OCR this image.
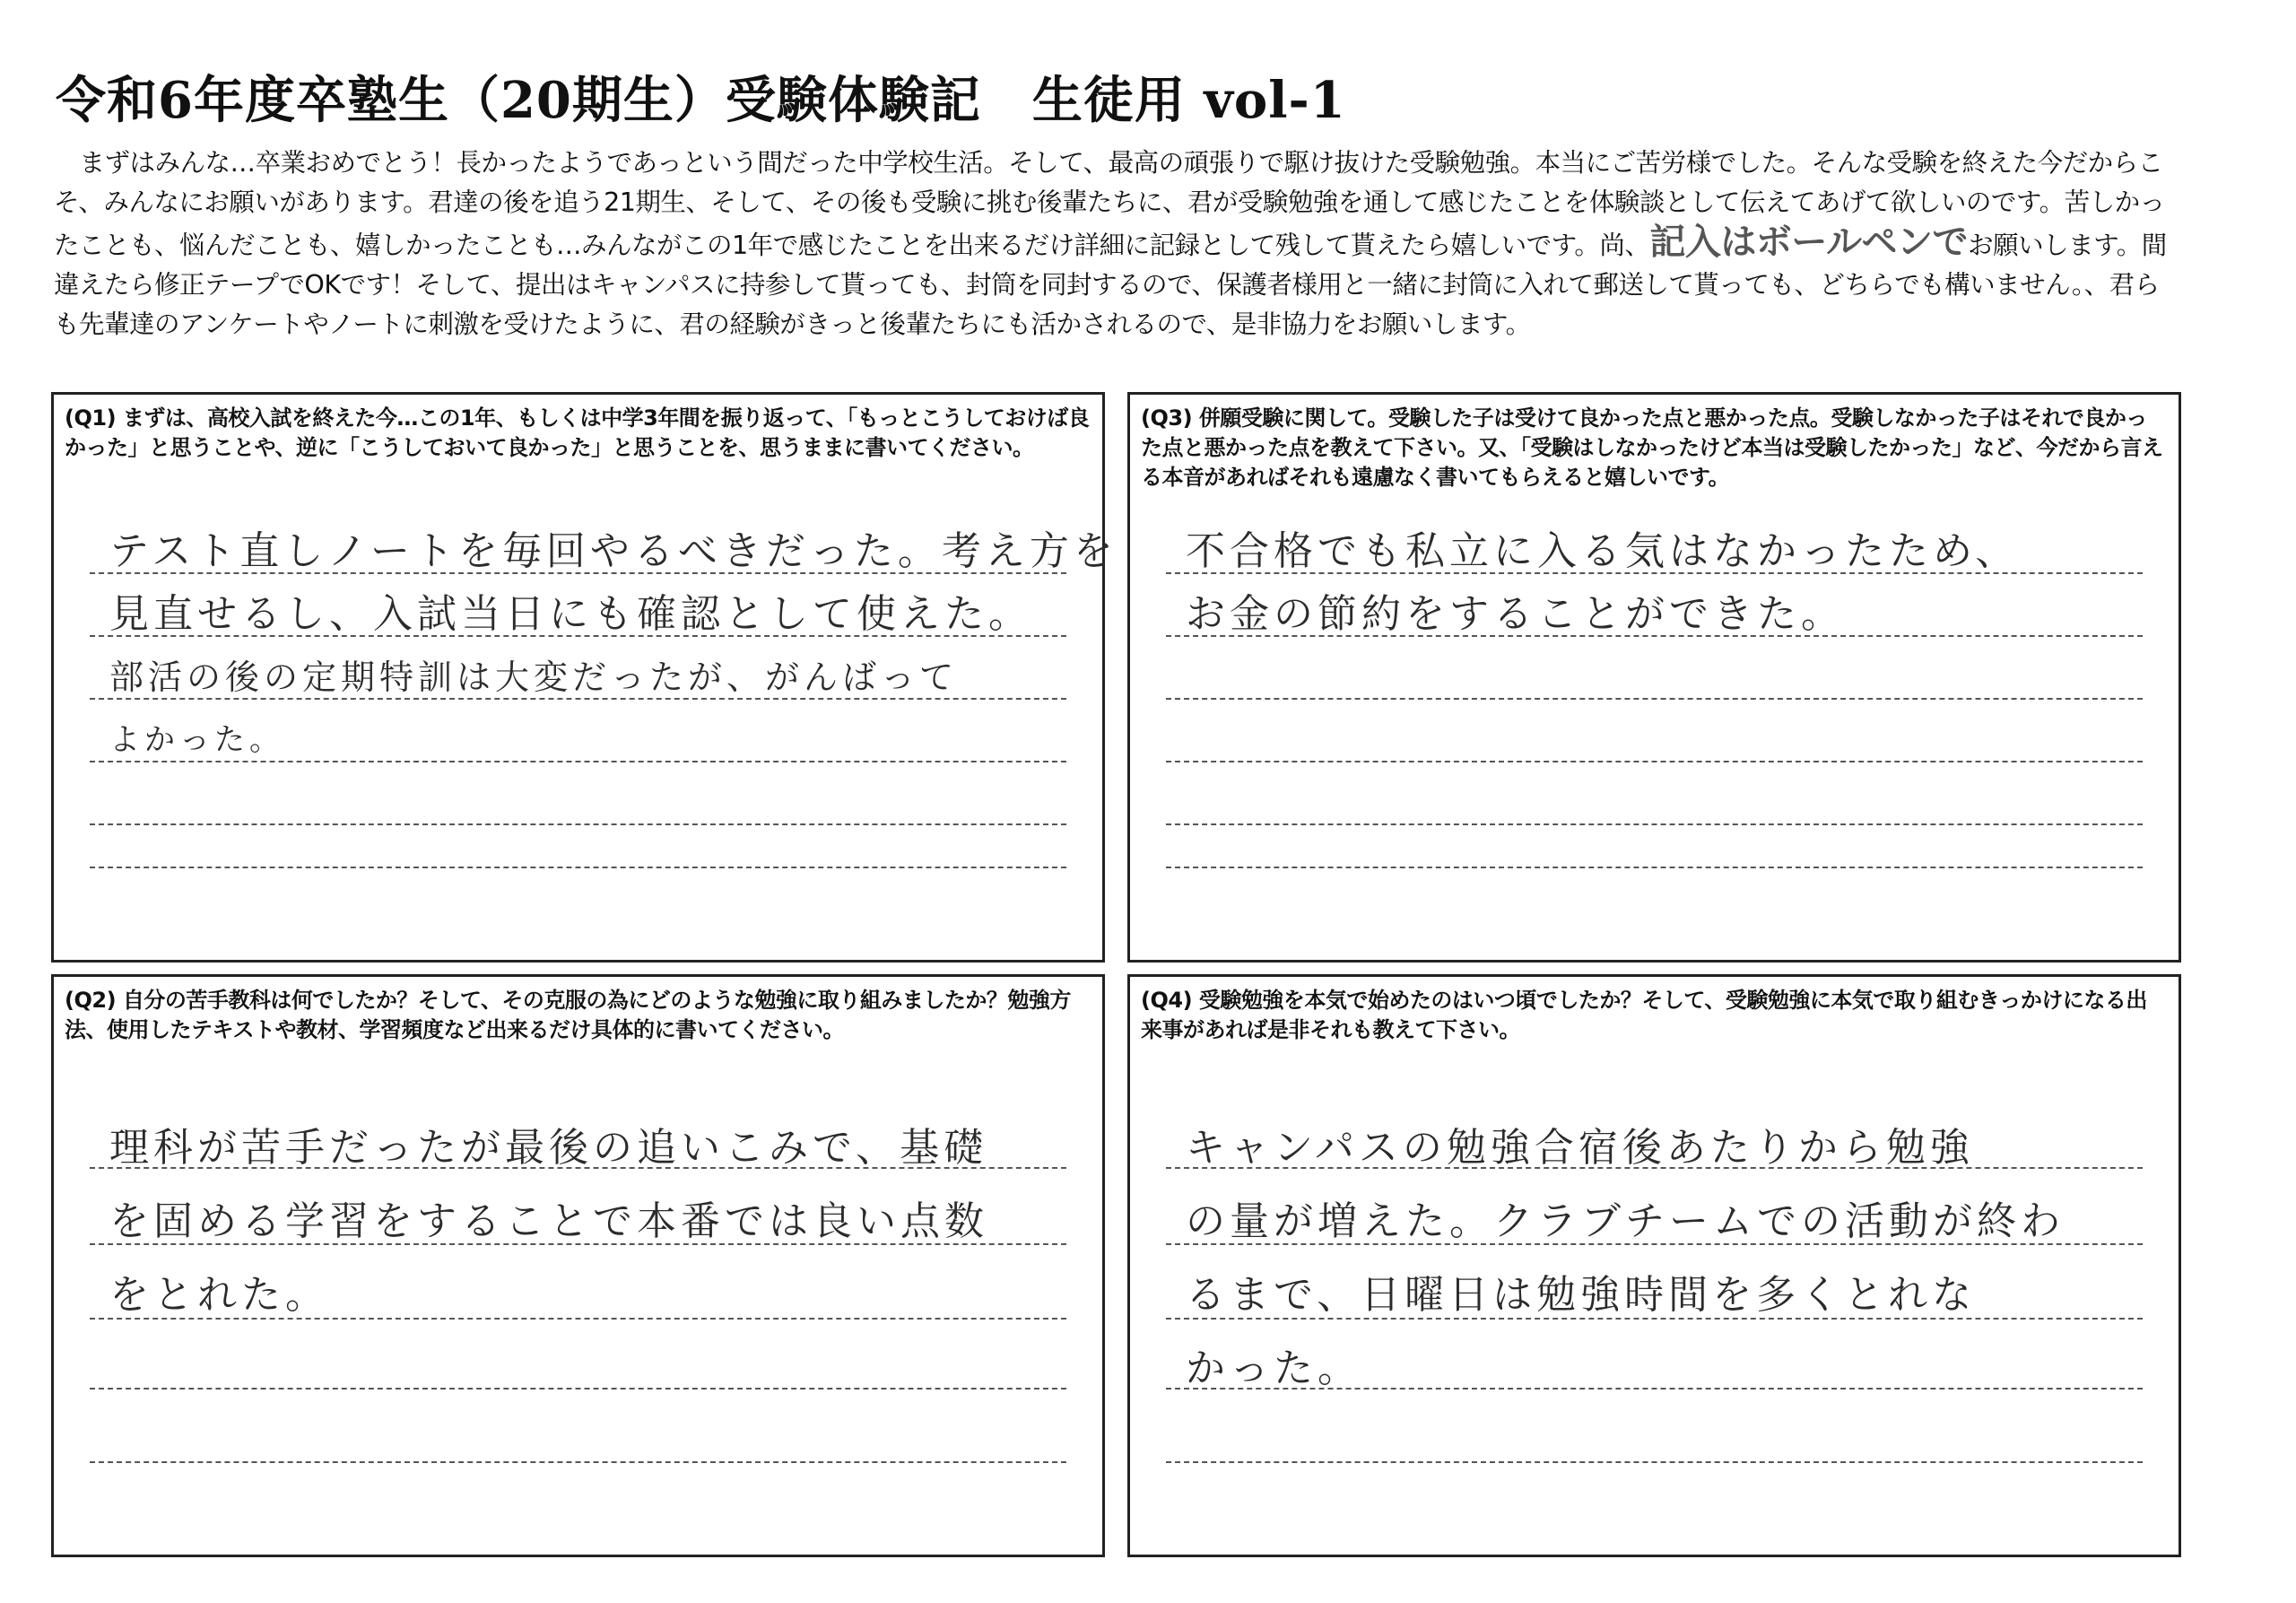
令和6年度卒塾生（20期生）受験体験記　生徒用 vol-1

まずはみんな…卒業おめでとう！長かったようであっという間だった中学校生活。そして、最高の頑張りで駆け抜けた受験勉強。本当にご苦労様でした。そんな受験を終えた今だからこそ、みんなにお願いがあります。君達の後を追う21期生、そして、その後も受験に挑む後輩たちに、君が受験勉強を通して感じたことを体験談として伝えてあげて欲しいのです。苦しかったことも、悩んだことも、嬉しかったことも…みんながこの1年で感じたことを出来るだけ詳細に記録として残して貰えたら嬉しいです。尚、記入はボールペンでお願いします。間違えたら修正テープでOKです！そして、提出はキャンパスに持参して貰っても、封筒を同封するので、保護者様用と一緒に封筒に入れて郵送して貰っても、どちらでも構いません。、君らも先輩達のアンケートやノートに刺激を受けたように、君の経験がきっと後輩たちにも活かされるので、是非協力をお願いします。

(Q1) まずは、高校入試を終えた今…この1年、もしくは中学3年間を振り返って、「もっとこうしておけば良かった」と思うことや、逆に「こうしておいて良かった」と思うことを、思うままに書いてください。
テスト直しノートを毎回やるべきだった。考え方を
見直せるし、入試当日にも確認として使えた。
部活の後の定期特訓は大変だったが、がんばって
よかった。
(Q3) 併願受験に関して。受験した子は受けて良かった点と悪かった点。受験しなかった子はそれで良かった点と悪かった点を教えて下さい。又、「受験はしなかったけど本当は受験したかった」など、今だから言える本音があればそれも遠慮なく書いてもらえると嬉しいです。
不合格でも私立に入る気はなかったため、
お金の節約をすることができた。
(Q2) 自分の苦手教科は何でしたか？そして、その克服の為にどのような勉強に取り組みましたか？勉強方法、使用したテキストや教材、学習頻度など出来るだけ具体的に書いてください。
理科が苦手だったが最後の追いこみで、基礎
を固める学習をすることで本番では良い点数
をとれた。
(Q4) 受験勉強を本気で始めたのはいつ頃でしたか？そして、受験勉強に本気で取り組むきっかけになる出来事があれば是非それも教えて下さい。
キャンパスの勉強合宿後あたりから勉強
の量が増えた。クラブチームでの活動が終わ
るまで、日曜日は勉強時間を多くとれな
かった。
